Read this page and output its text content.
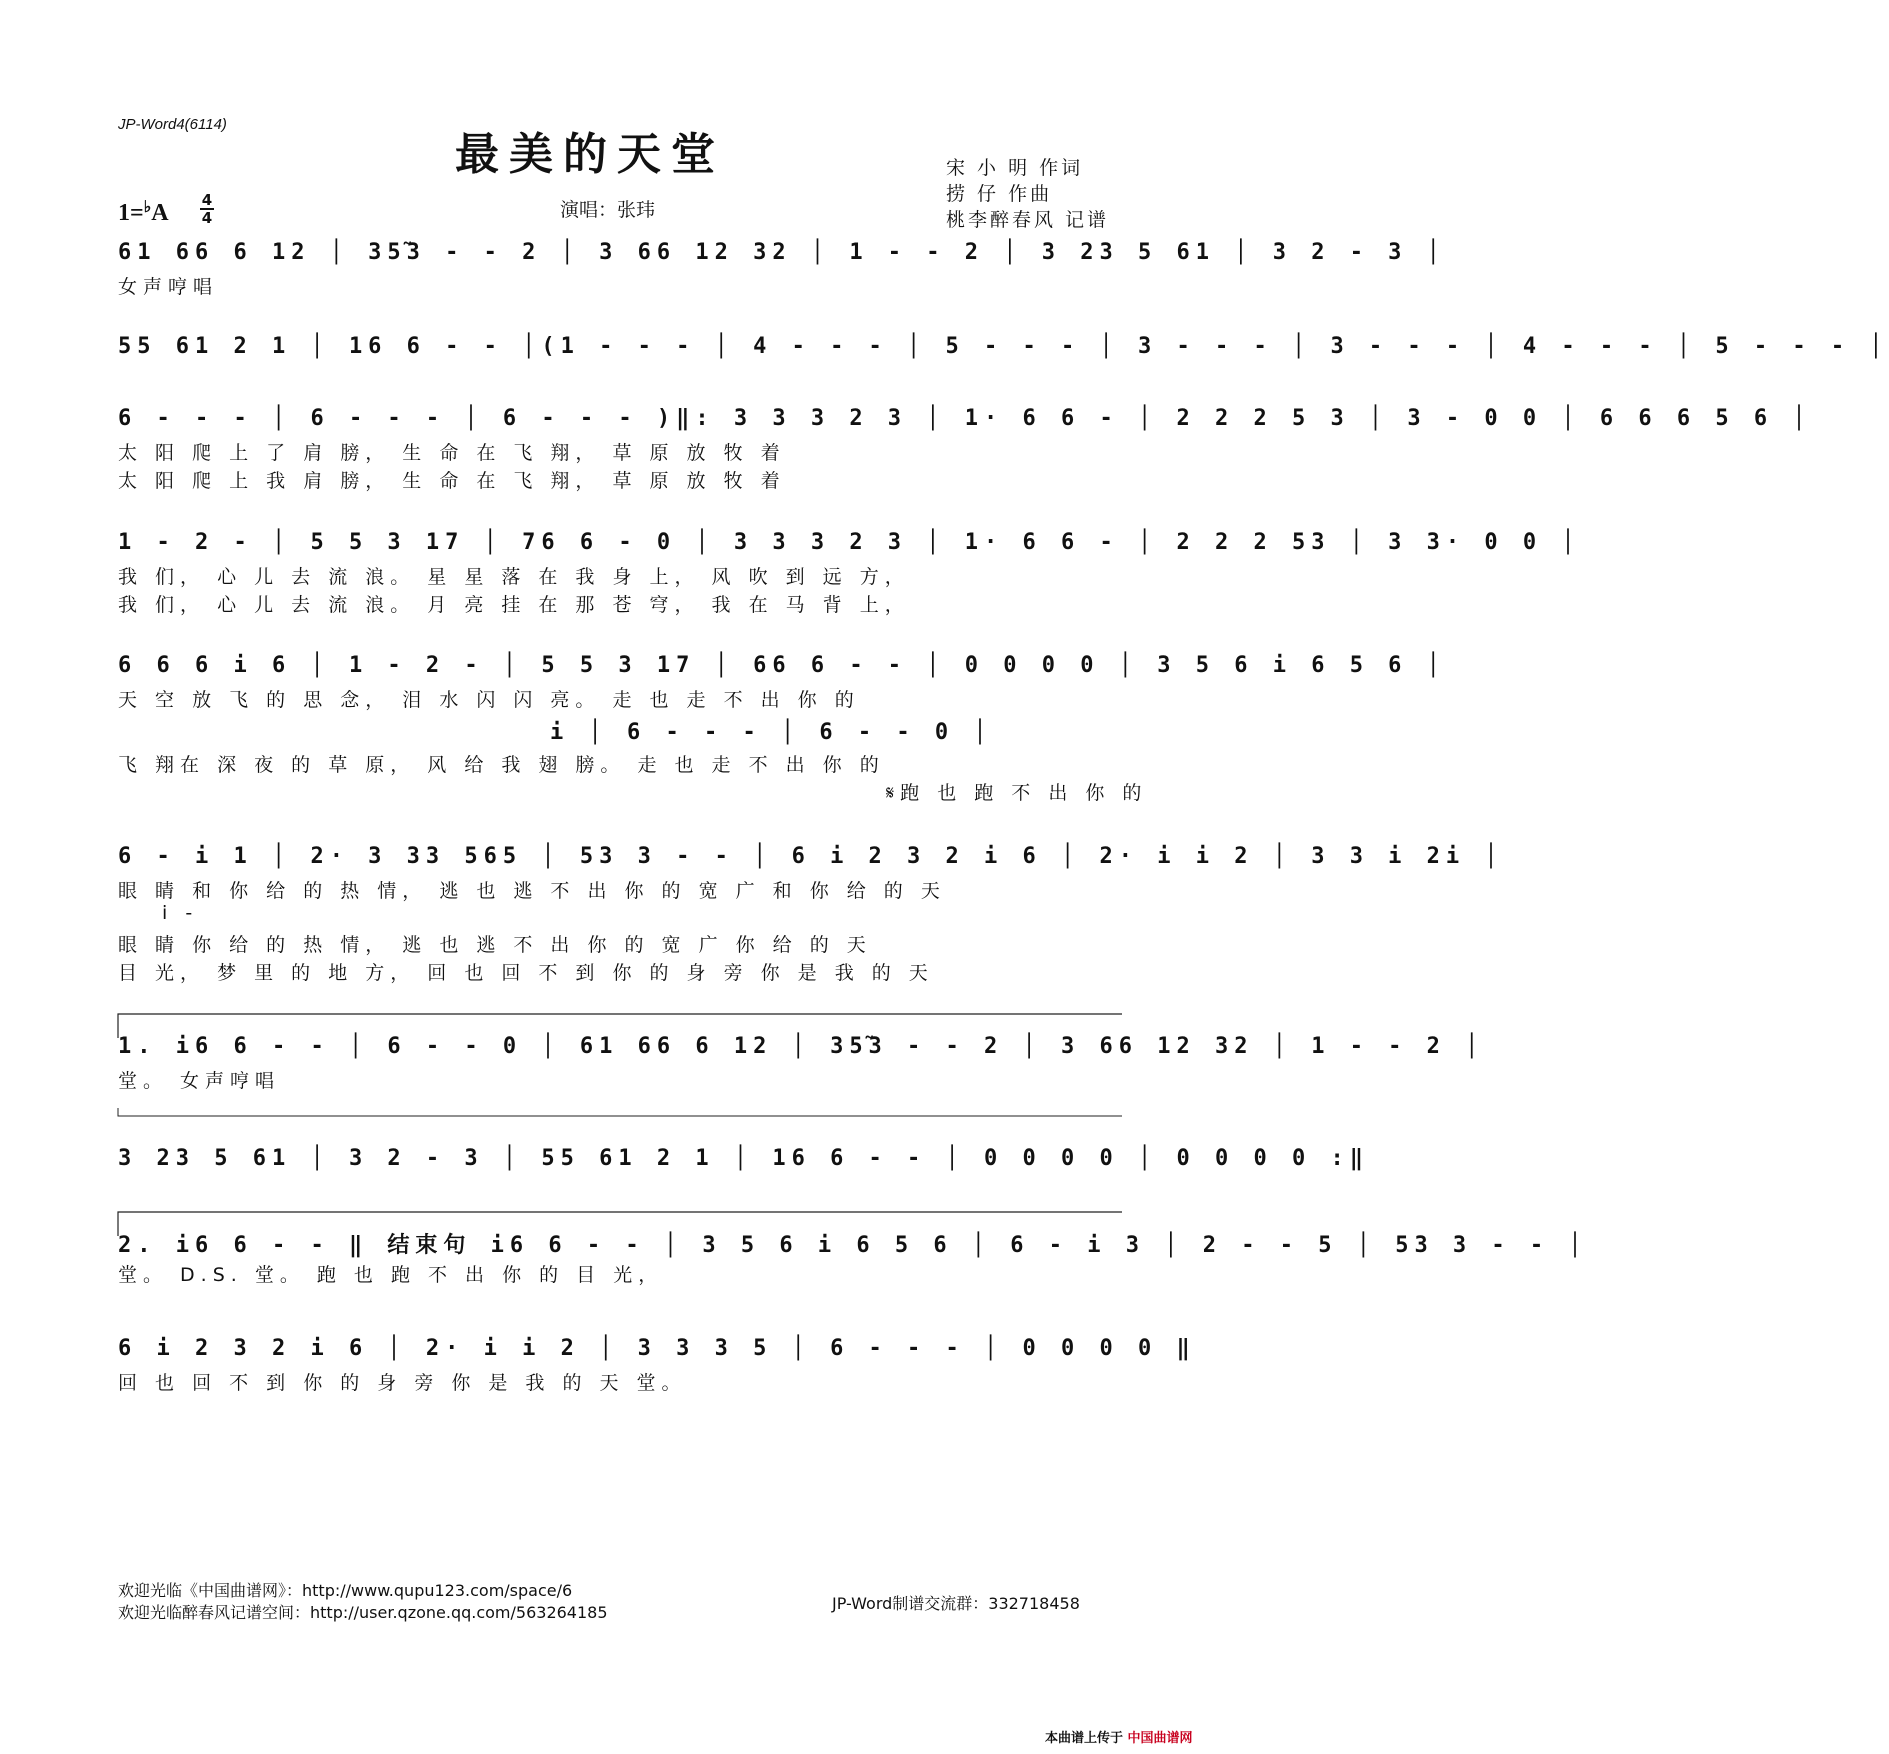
JP-Word4(6114)
最美的天堂
1=♭A 4
4	演唱：张玮
宋 小 明 作词
捞 仔 作曲
桃李醉春风 记谱
61 66 6 12 │ 35̃3 - - 2 │ 3 66 12 32 │ 1 - - 2 │ 3 23 5 61 │ 3 2 - 3 │
女声哼唱
55 61 2 1 │ 16 6 - - │(1 - - - │ 4 - - - │ 5 - - - │ 3 - - - │ 3 - - - │ 4 - - - │ 5 - - - │
6 - - - │ 6 - - - │ 6 - - - )‖: 3 3 3 2 3 │ 1· 6 6 - │ 2 2 2 5 3 │ 3 - 0 0 │ 6 6 6 5 6 │
太 阳 爬 上 了 肩 膀， 生 命 在 飞 翔， 草 原 放 牧 着
太 阳 爬 上 我 肩 膀， 生 命 在 飞 翔， 草 原 放 牧 着
1 - 2 - │ 5 5 3 17 │ 76 6 - 0 │ 3 3 3 2 3 │ 1· 6 6 - │ 2 2 2 53 │ 3 3· 0 0 │
我 们， 心 儿 去 流 浪。 星 星 落 在 我 身 上， 风 吹 到 远 方，
我 们， 心 儿 去 流 浪。 月 亮 挂 在 那 苍 穹， 我 在 马 背 上，
6 6 6 i 6 │ 1 - 2 - │ 5 5 3 17 │ 66 6 - - │ 0 0 0 0 │ 3 5 6 i 6 5 6 │
天 空 放 飞 的 思 念， 泪 水 闪 闪 亮。 走 也 走 不 出 你 的
i │ 6 - - - │ 6 - - 0 │
飞 翔在 深 夜 的 草 原， 风 给 我 翅 膀。 走 也 走 不 出 你 的
𝄋跑 也 跑 不 出 你 的
6 - i 1 │ 2· 3 33 565 │ 53 3 - - │ 6 i 2 3 2 i 6 │ 2· i i 2 │ 3 3 i 2i │
眼 睛 和 你 给 的 热 情， 逃 也 逃 不 出 你 的 宽 广 和 你 给 的 天
i -
眼 睛 你 给 的 热 情， 逃 也 逃 不 出 你 的 宽 广 你 给 的 天
目 光， 梦 里 的 地 方， 回 也 回 不 到 你 的 身 旁 你 是 我 的 天
1. i6 6 - - │ 6 - - 0 │ 61 66 6 12 │ 35̃3 - - 2 │ 3 66 12 32 │ 1 - - 2 │
堂。 女声哼唱
3 23 5 61 │ 3 2 - 3 │ 55 61 2 1 │ 16 6 - - │ 0 0 0 0 │ 0 0 0 0 :‖
2. i6 6 - - ‖ 结束句 i6 6 - - │ 3 5 6 i 6 5 6 │ 6 - i 3 │ 2 - - 5 │ 53 3 - - │
堂。 D.S. 堂。 跑 也 跑 不 出 你 的 目 光，
6 i 2 3 2 i 6 │ 2· i i 2 │ 3 3 3 5 │ 6 - - - │ 0 0 0 0 ‖
回 也 回 不 到 你 的 身 旁 你 是 我 的 天 堂。
欢迎光临《中国曲谱网》：http://www.qupu123.com/space/6
欢迎光临醉春风记谱空间：http://user.qzone.qq.com/563264185	JP-Word制谱交流群：332718458
本曲谱上传于 中国曲谱网
